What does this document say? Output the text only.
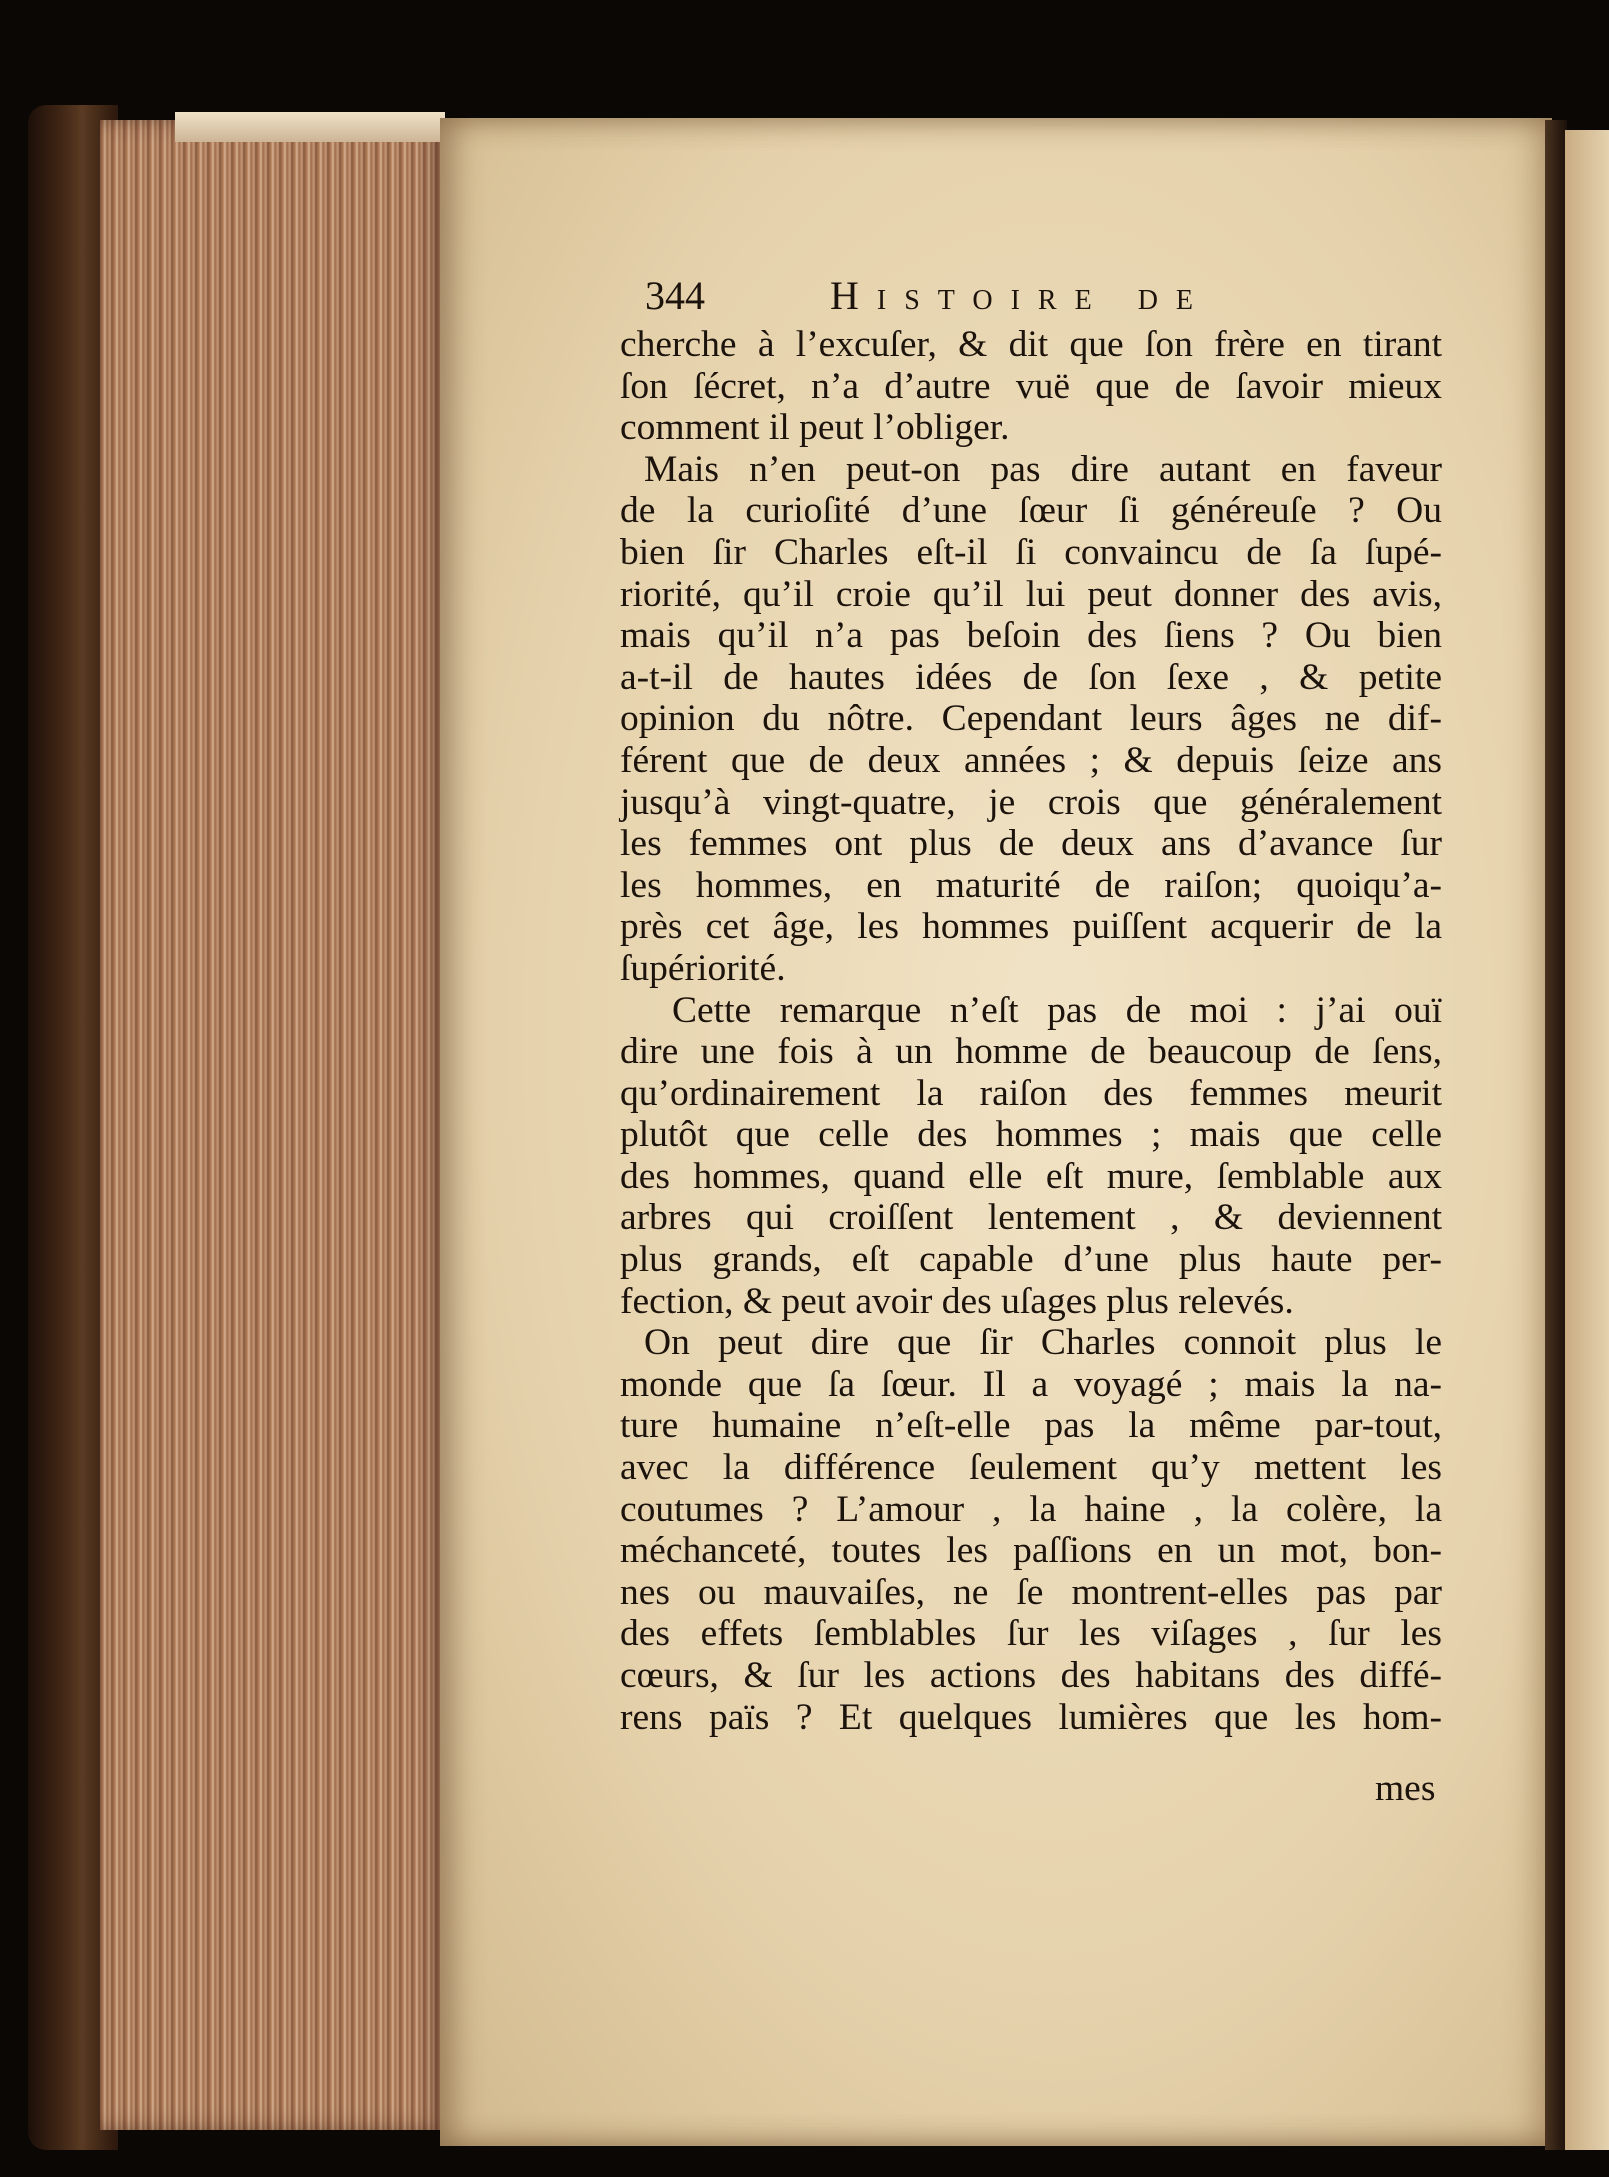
344	Histoire de
cherche à l’excuſer, & dit que ſon frère en tirant
ſon ſécret, n’a d’autre vuë que de ſavoir mieux
comment il peut l’obliger.
Mais n’en peut-on pas dire autant en faveur
de la curioſité d’une ſœur ſi généreuſe ? Ou
bien ſir Charles eſt-il ſi convaincu de ſa ſupé-
riorité, qu’il croie qu’il lui peut donner des avis,
mais qu’il n’a pas beſoin des ſiens ? Ou bien
a-t-il de hautes idées de ſon ſexe , & petite
opinion du nôtre. Cependant leurs âges ne dif-
férent que de deux années ; & depuis ſeize ans
jusqu’à vingt-quatre, je crois que généralement
les femmes ont plus de deux ans d’avance ſur
les hommes, en maturité de raiſon; quoiqu’a-
près cet âge, les hommes puiſſent acquerir de la
ſupériorité.
Cette remarque n’eſt pas de moi : j’ai ouï
dire une fois à un homme de beaucoup de ſens,
qu’ordinairement la raiſon des femmes meurit
plutôt que celle des hommes ; mais que celle
des hommes, quand elle eſt mure, ſemblable aux
arbres qui croiſſent lentement , & deviennent
plus grands, eſt capable d’une plus haute per-
fection, & peut avoir des uſages plus relevés.
On peut dire que ſir Charles connoit plus le
monde que ſa ſœur. Il a voyagé ; mais la na-
ture humaine n’eſt-elle pas la même par-tout,
avec la différence ſeulement qu’y mettent les
coutumes ? L’amour , la haine , la colère, la
méchanceté, toutes les paſſions en un mot, bon-
nes ou mauvaiſes, ne ſe montrent-elles pas par
des effets ſemblables ſur les viſages , ſur les
cœurs, & ſur les actions des habitans des diffé-
rens païs ? Et quelques lumières que les hom-
mes
